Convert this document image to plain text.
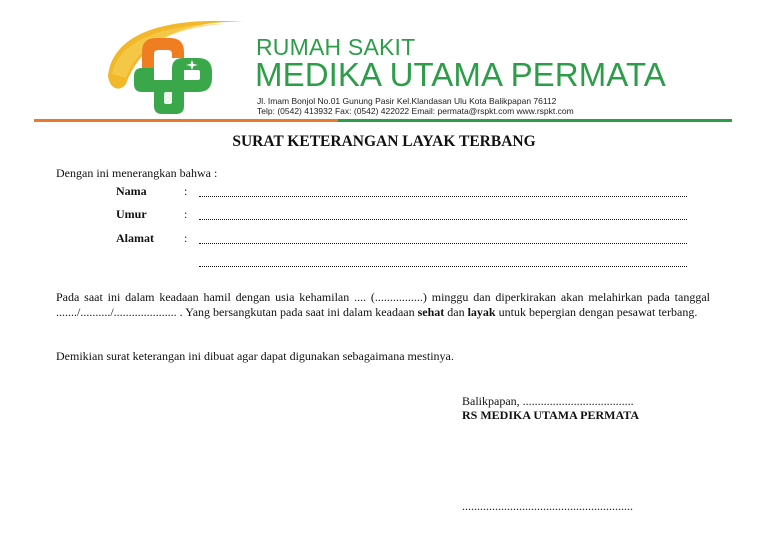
RUMAH SAKIT
MEDIKA UTAMA PERMATA
Jl. Imam Bonjol No.01 Gunung Pasir Kel.Klandasan Ulu Kota Balikpapan 76112
Telp: (0542) 413932 Fax: (0542) 422022 Email: permata@rspkt.com www.rspkt.com
SURAT KETERANGAN LAYAK TERBANG
Dengan ini menerangkan bahwa :
Nama	:
Umur	:
Alamat	:
Pada saat ini dalam keadaan hamil dengan usia kehamilan .... (................) minggu dan diperkirakan akan melahirkan pada tanggal ......./........../..................... . Yang bersangkutan pada saat ini dalam keadaan sehat dan layak untuk bepergian dengan pesawat terbang.
Demikian surat keterangan ini dibuat agar dapat digunakan sebagaimana mestinya.
Balikpapan, .....................................
RS MEDIKA UTAMA PERMATA
.........................................................
